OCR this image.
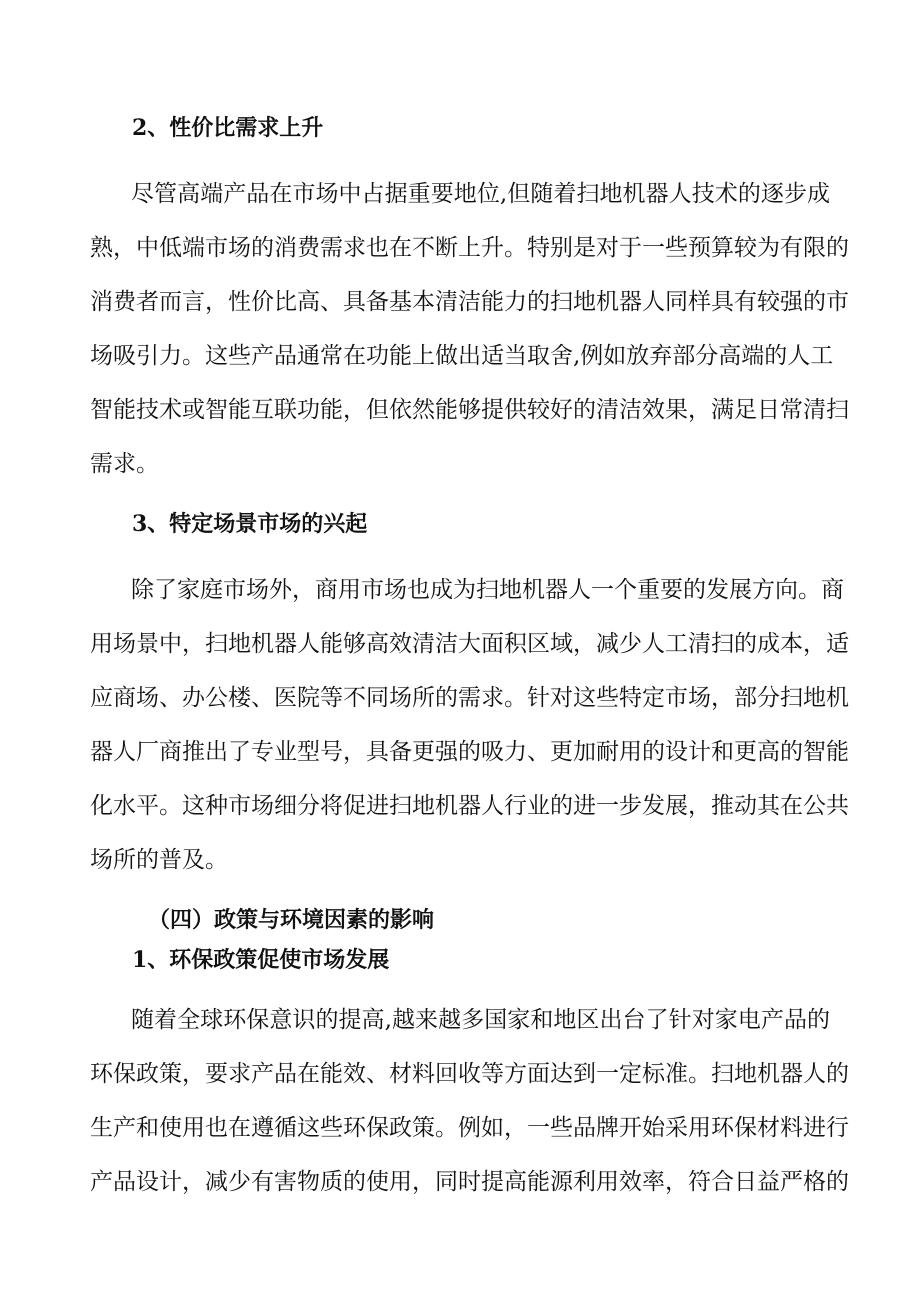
2、性价比需求上升
尽管高端产品在市场中占据重要地位,但随着扫地机器人技术的逐步成
熟，中低端市场的消费需求也在不断上升。特别是对于一些预算较为有限的
消费者而言，性价比高、具备基本清洁能力的扫地机器人同样具有较强的市
场吸引力。这些产品通常在功能上做出适当取舍,例如放弃部分高端的人工
智能技术或智能互联功能，但依然能够提供较好的清洁效果，满足日常清扫
需求。
3、特定场景市场的兴起
除了家庭市场外，商用市场也成为扫地机器人一个重要的发展方向。商
用场景中，扫地机器人能够高效清洁大面积区域，减少人工清扫的成本，适
应商场、办公楼、医院等不同场所的需求。针对这些特定市场，部分扫地机
器人厂商推出了专业型号，具备更强的吸力、更加耐用的设计和更高的智能
化水平。这种市场细分将促进扫地机器人行业的进一步发展，推动其在公共
场所的普及。
（四）政策与环境因素的影响
1、环保政策促使市场发展
随着全球环保意识的提高,越来越多国家和地区出台了针对家电产品的
环保政策，要求产品在能效、材料回收等方面达到一定标准。扫地机器人的
生产和使用也在遵循这些环保政策。例如，一些品牌开始采用环保材料进行
产品设计，减少有害物质的使用，同时提高能源利用效率，符合日益严格的
